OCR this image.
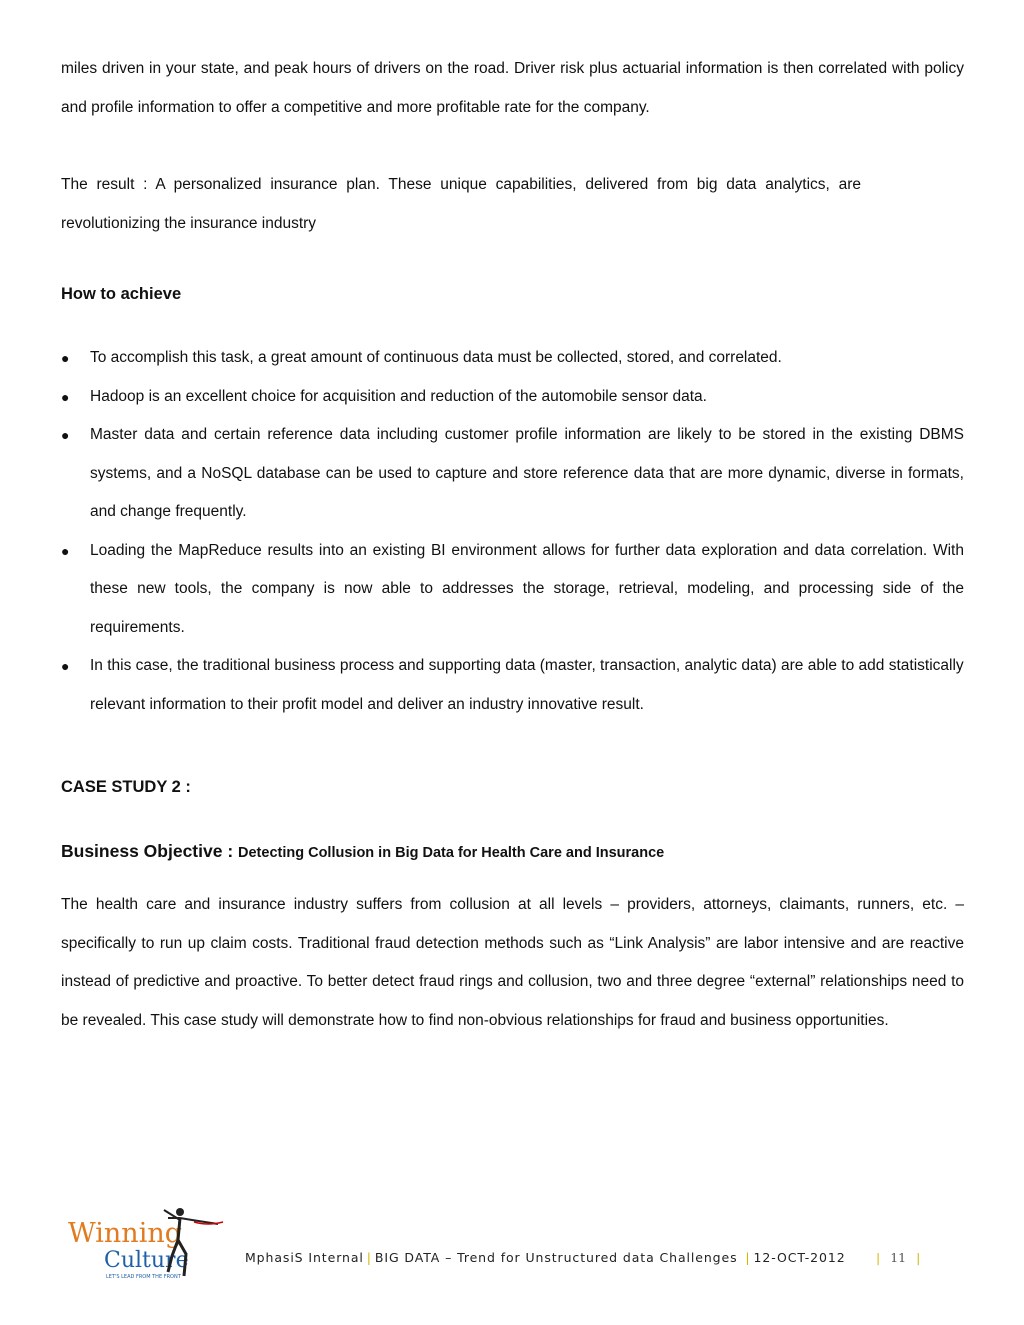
miles driven in your state, and peak hours of drivers on the road. Driver risk plus actuarial information is then correlated with policy and profile information to offer a competitive and more profitable rate for the company.

The result : A personalized insurance plan. These unique capabilities, delivered from big data analytics, are revolutionizing the insurance industry

How to achieve
● To accomplish this task, a great amount of continuous data must be collected, stored, and correlated.
● Hadoop is an excellent choice for acquisition and reduction of the automobile sensor data.
● Master data and certain reference data including customer profile information are likely to be stored in the existing DBMS systems, and a NoSQL database can be used to capture and store reference data that are more dynamic, diverse in formats, and change frequently.
● Loading the MapReduce results into an existing BI environment allows for further data exploration and data correlation. With these new tools, the company is now able to addresses the storage, retrieval, modeling, and processing side of the requirements.
● In this case, the traditional business process and supporting data (master, transaction, analytic data) are able to add statistically relevant information to their profit model and deliver an industry innovative result.
CASE STUDY 2 :
Business Objective : Detecting Collusion in Big Data for Health Care and Insurance

The health care and insurance industry suffers from collusion at all levels – providers, attorneys, claimants, runners, etc. – specifically to run up claim costs. Traditional fraud detection methods such as “Link Analysis” are labor intensive and are reactive instead of predictive and proactive. To better detect fraud rings and collusion, two and three degree “external” relationships need to be revealed. This case study will demonstrate how to find non-obvious relationships for fraud and business opportunities.

Winning
Culture
LET'S LEAD FROM THE FRONT
MphasiS Internal | BIG DATA – Trend for Unstructured data Challenges | 12-OCT-2012	| 11 |
